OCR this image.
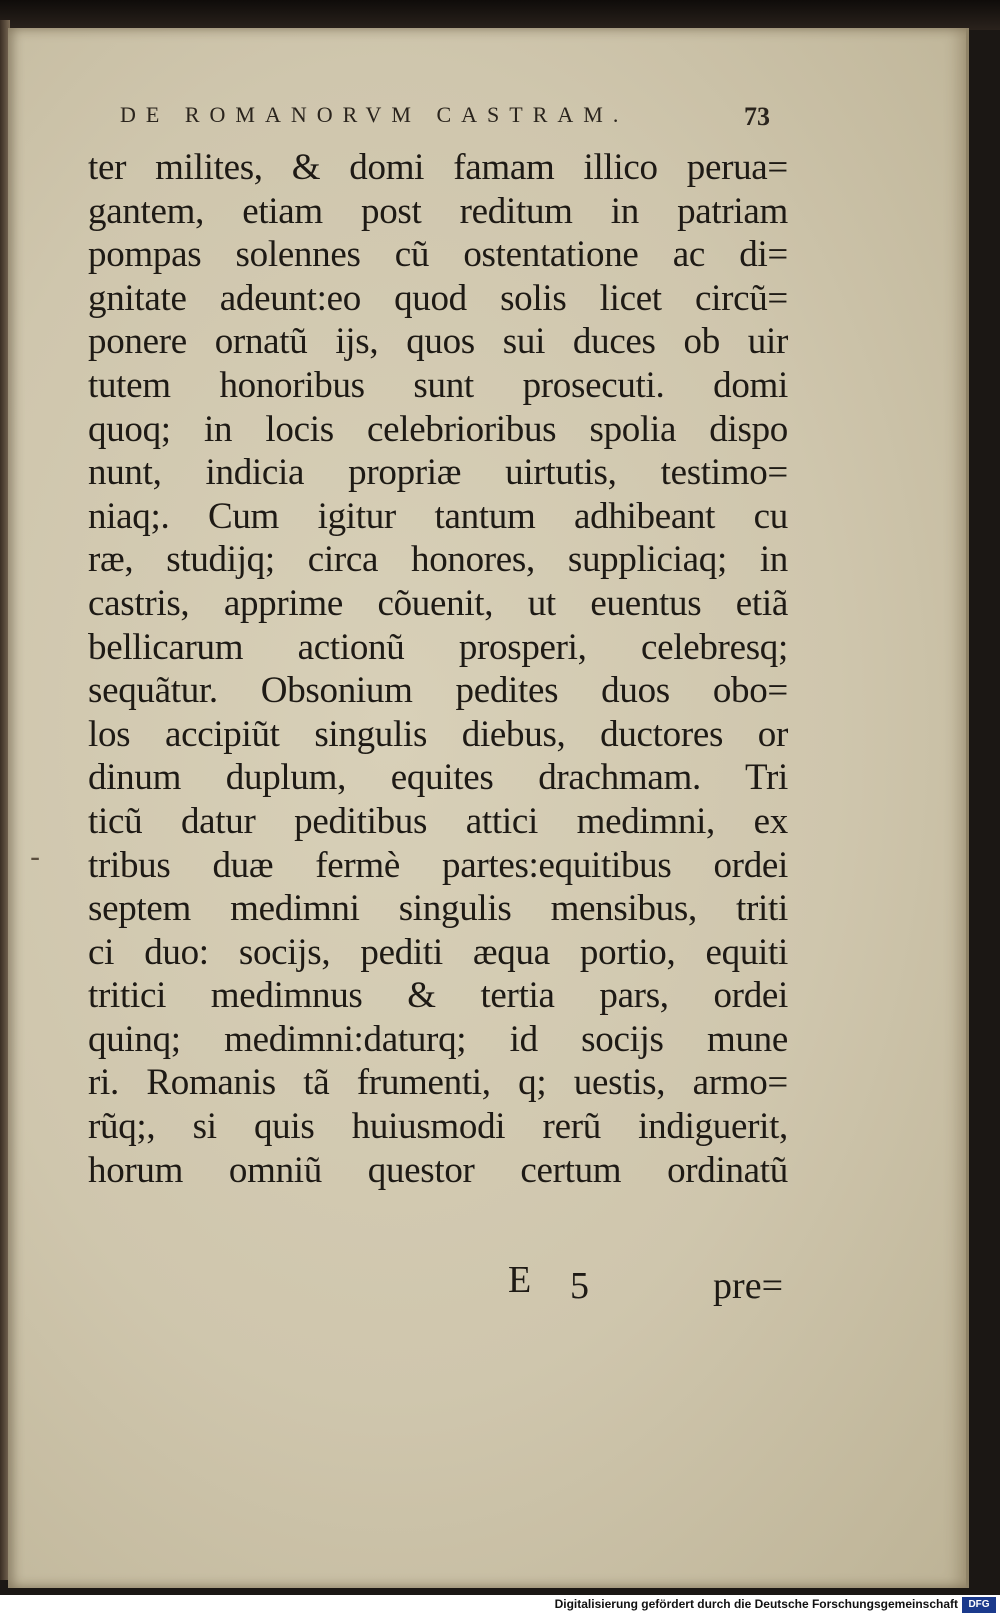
DE ROMANORVM CASTRAM.	73
-
ter milites, & domi famam illico perua=
gantem, etiam post reditum in patriam
pompas solennes cũ ostentatione ac di=
gnitate adeunt:eo quod solis licet circũ=
ponere ornatũ ijs, quos sui duces ob uir
tutem honoribus sunt prosecuti. domi
quoq; in locis celebrioribus spolia dispo
nunt, indicia propriæ uirtutis, testimo=
niaq;. Cum igitur tantum adhibeant cu
ræ, studijq; circa honores, suppliciaq; in
castris, apprime cõuenit, ut euentus etiã
bellicarum actionũ prosperi, celebresq;
sequãtur. Obsonium pedites duos obo=
los accipiũt singulis diebus, ductores or
dinum duplum, equites drachmam. Tri
ticũ datur peditibus attici medimni, ex
tribus duæ fermè partes:equitibus ordei
septem medimni singulis mensibus, triti
ci duo: socijs, pediti æqua portio, equiti
tritici medimnus & tertia pars, ordei
quinq; medimni:daturq; id socijs mune
ri. Romanis tã frumenti, q; uestis, armo=
rũq;, si quis huiusmodi rerũ indiguerit,
horum omniũ questor certum ordinatũ
E 5	pre=
Digitalisierung gefördert durch die Deutsche Forschungsgemeinschaft	DFG
